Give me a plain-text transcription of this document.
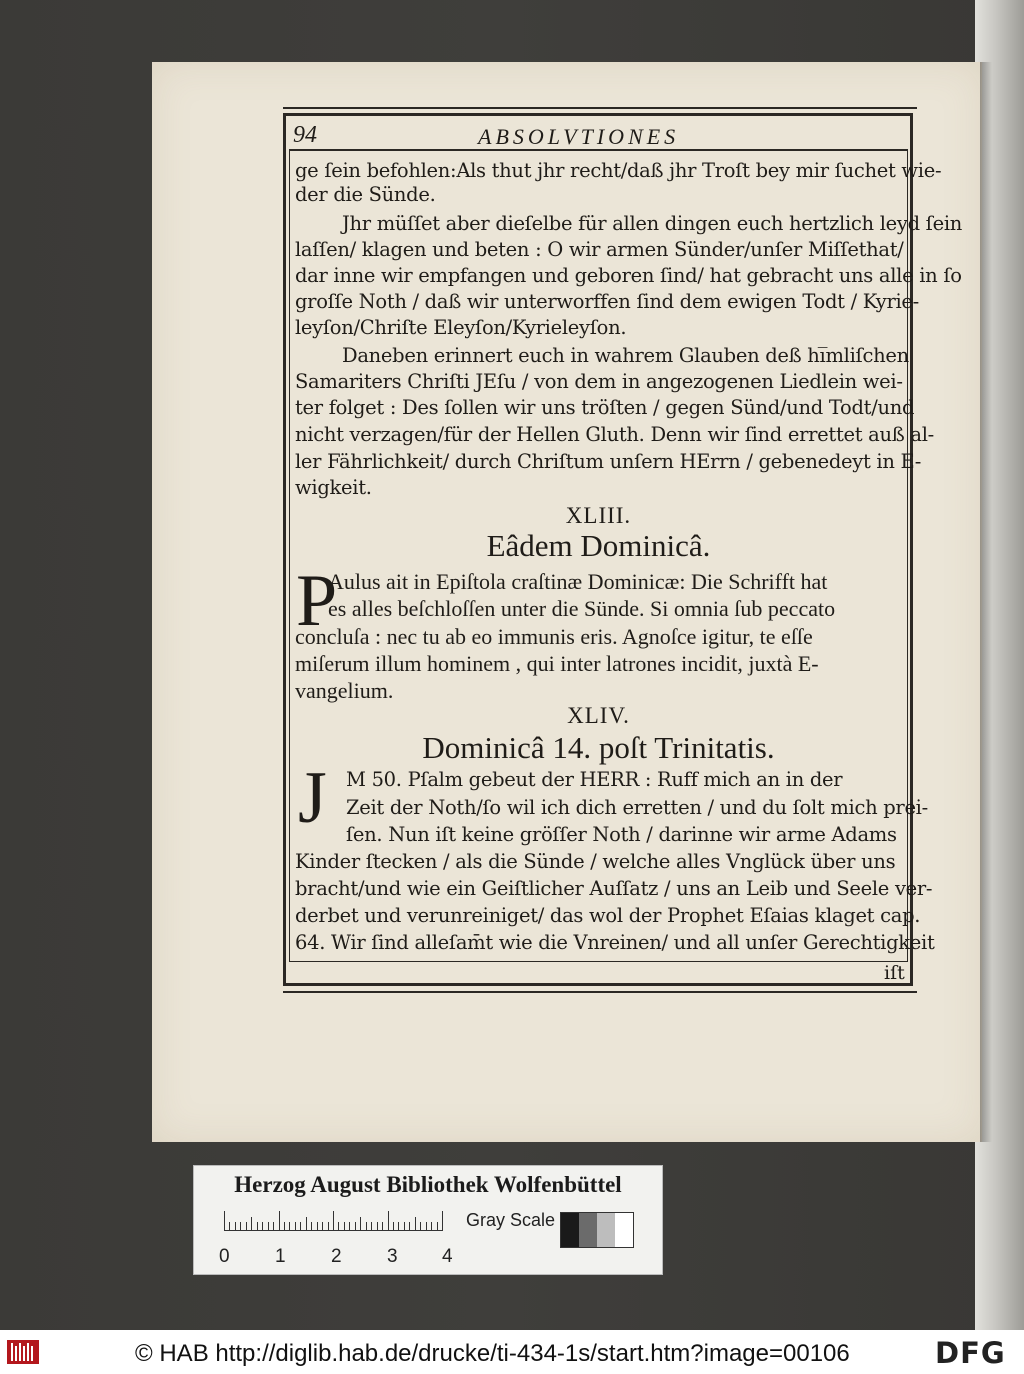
94	ABSOLVTIONES
ge ſein befohlen:Als thut jhr recht/daß jhr Troſt bey mir ſuchet wie-
der die Sünde.
Jhr müſſet aber dieſelbe für allen dingen euch hertzlich leyd ſein
laſſen/ klagen und beten : O wir armen Sünder/unſer Miſſethat/
dar inne wir empfangen und geboren ſind/ hat gebracht uns alle in ſo
groſſe Noth / daß wir unterworffen ſind dem ewigen Todt / Kyrie-
leyſon/Chriſte Eleyſon/Kyrieleyſon.
Daneben erinnert euch in wahrem Glauben deß hi̅mliſchen
Samariters Chriſti JEſu / von dem in angezogenen Liedlein wei-
ter folget : Des ſollen wir uns tröſten / gegen Sünd/und Todt/und
nicht verzagen/für der Hellen Gluth. Denn wir ſind errettet auß al-
ler Fährlichkeit/ durch Chriſtum unſern HErrn / gebenedeyt in E-
wigkeit.
XLIII.
Eâdem Dominicâ.
P
Aulus ait in Epiſtola craſtinæ Dominicæ: Die Schrifft hat
es alles beſchloſſen unter die Sünde. Si omnia ſub peccato
concluſa : nec tu ab eo immunis eris. Agnoſce igitur, te eſſe
miſerum illum hominem , qui inter latrones incidit, juxtà E-
vangelium.
XLIV.
Dominicâ 14. poſt Trinitatis.
J M 50. Pſalm gebeut der HERR : Ruff mich an in der
Zeit der Noth/ſo wil ich dich erretten / und du ſolt mich prei-
ſen. Nun iſt keine gröſſer Noth / darinne wir arme Adams
Kinder ſtecken / als die Sünde / welche alles Vnglück über uns
bracht/und wie ein Geiſtlicher Auſſatz / uns an Leib und Seele ver-
derbet und verunreiniget/ das wol der Prophet Eſaias klaget cap.
64. Wir ſind alleſam̄t wie die Vnreinen/ und all unſer Gerechtigkeit
iſt
Herzog August Bibliothek Wolfenbüttel
Gray Scale
0 1 2 3 4
© HAB http://diglib.hab.de/drucke/ti-434-1s/start.htm?image=00106	DFG
